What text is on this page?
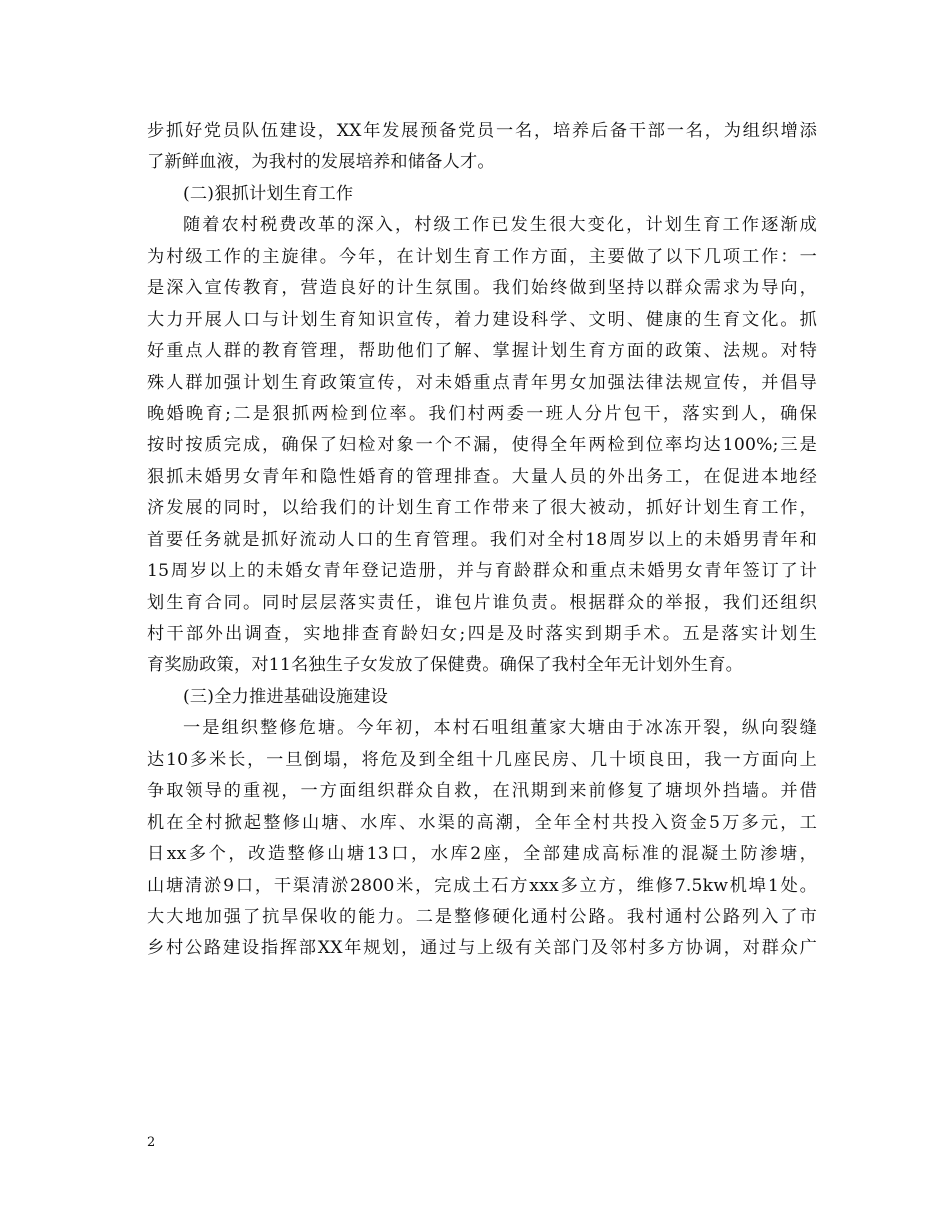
步抓好党员队伍建设，XX年发展预备党员一名，培养后备干部一名，为组织增添
了新鲜血液，为我村的发展培养和储备人才。
(二)狠抓计划生育工作
随着农村税费改革的深入，村级工作已发生很大变化，计划生育工作逐渐成
为村级工作的主旋律。今年，在计划生育工作方面，主要做了以下几项工作：一
是深入宣传教育，营造良好的计生氛围。我们始终做到坚持以群众需求为导向，
大力开展人口与计划生育知识宣传，着力建设科学、文明、健康的生育文化。抓
好重点人群的教育管理，帮助他们了解、掌握计划生育方面的政策、法规。对特
殊人群加强计划生育政策宣传，对未婚重点青年男女加强法律法规宣传，并倡导
晚婚晚育;二是狠抓两检到位率。我们村两委一班人分片包干，落实到人，确保
按时按质完成，确保了妇检对象一个不漏，使得全年两检到位率均达100%;三是
狠抓未婚男女青年和隐性婚育的管理排查。大量人员的外出务工，在促进本地经
济发展的同时，以给我们的计划生育工作带来了很大被动，抓好计划生育工作，
首要任务就是抓好流动人口的生育管理。我们对全村18周岁以上的未婚男青年和
15周岁以上的未婚女青年登记造册，并与育龄群众和重点未婚男女青年签订了计
划生育合同。同时层层落实责任，谁包片谁负责。根据群众的举报，我们还组织
村干部外出调查，实地排查育龄妇女;四是及时落实到期手术。五是落实计划生
育奖励政策，对11名独生子女发放了保健费。确保了我村全年无计划外生育。
(三)全力推进基础设施建设
一是组织整修危塘。今年初，本村石咀组董家大塘由于冰冻开裂，纵向裂缝
达10多米长，一旦倒塌，将危及到全组十几座民房、几十顷良田，我一方面向上
争取领导的重视，一方面组织群众自救，在汛期到来前修复了塘坝外挡墙。并借
机在全村掀起整修山塘、水库、水渠的高潮，全年全村共投入资金5万多元，工
日xx多个，改造整修山塘13口，水库2座，全部建成高标准的混凝土防渗塘，
山塘清淤9口，干渠清淤2800米，完成土石方xxx多立方，维修7.5kw机埠1处。
大大地加强了抗旱保收的能力。二是整修硬化通村公路。我村通村公路列入了市
乡村公路建设指挥部XX年规划，通过与上级有关部门及邻村多方协调，对群众广
2
